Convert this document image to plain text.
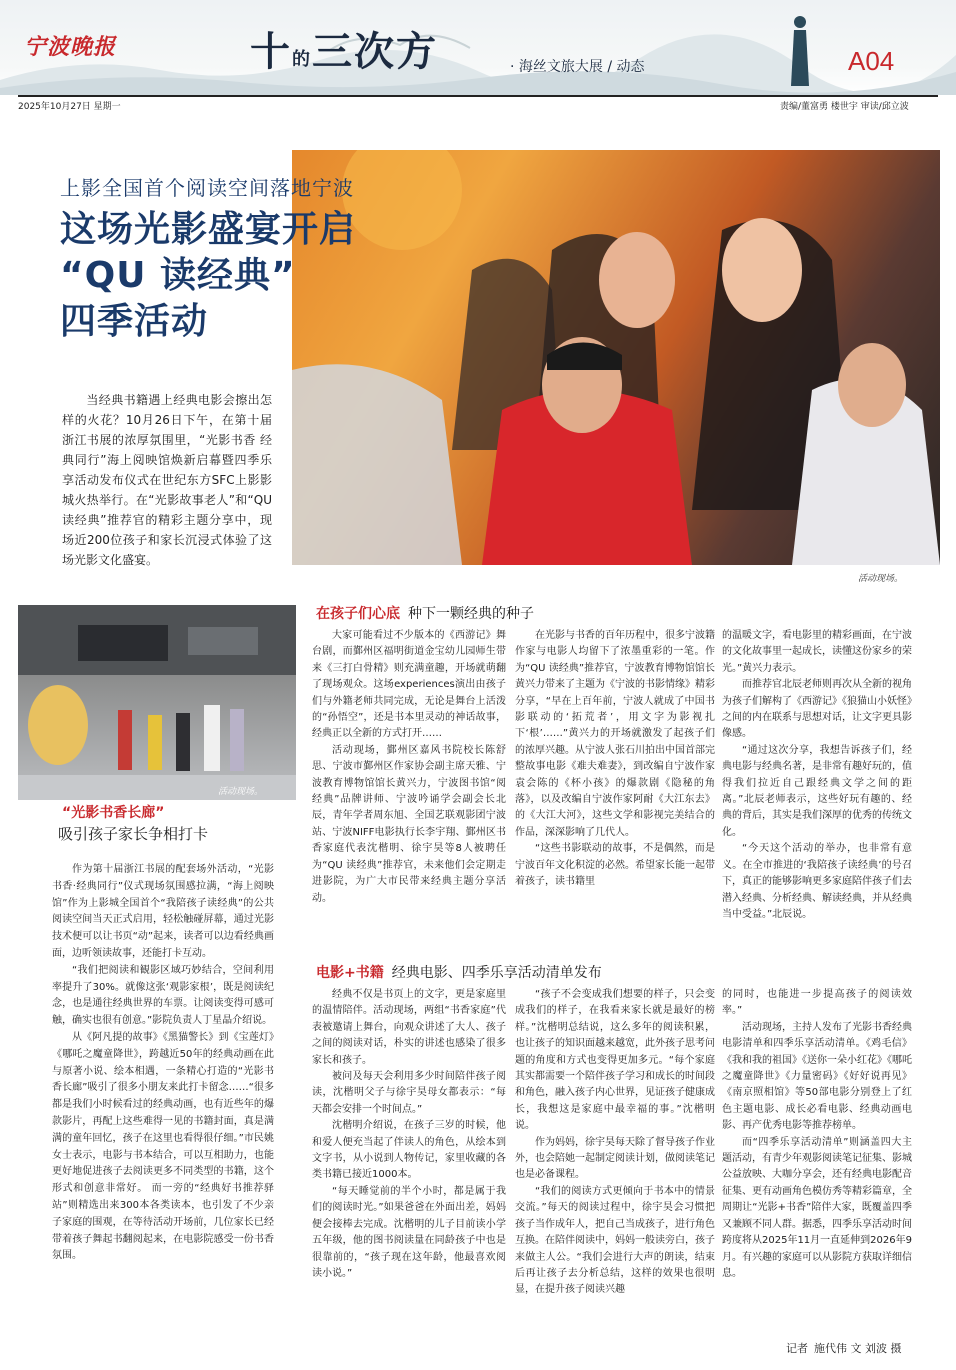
宁波晚报	十的三次方	· 海丝文旅大展 / 动态	A04
2025年10月27日 星期一	责编/董富勇 楼世宇 审读/邱立波
活动现场。
上影全国首个阅读空间落地宁波
这场光影盛宴开启
“QU 读经典”
四季活动
当经典书籍遇上经典电影会擦出怎样的火花？10月26日下午，在第十届浙江书展的浓厚氛围里，“光影书香 经典同行”海上阅映馆焕新启幕暨四季乐享活动发布仪式在世纪东方SFC上影影城火热举行。在“光影故事老人”和“QU 读经典”推荐官的精彩主题分享中，现场近200位孩子和家长沉浸式体验了这场光影文化盛宴。
活动现场。
“光影书香长廊”
吸引孩子家长争相打卡

作为第十届浙江书展的配套场外活动，“光影书香·经典同行”仪式现场氛围感拉满，“海上阅映馆”作为上影城全国首个“我陪孩子读经典”的公共阅读空间当天正式启用，轻松触碰屏幕，通过光影技术便可以让书页“动”起来，读者可以边看经典画面，边听领读故事，还能打卡互动。

“我们把阅读和観影区域巧妙结合，空间利用率提升了30%。就像这张‘观影家根’，既是阅读纪念，也是通往经典世界的车票。让阅读变得可感可触，确实也很有创意。”影院负责人丁星晶介绍说。

从《阿凡提的故事》《黑猫警长》到《宝莲灯》《哪吒之魔童降世》，跨越近50年的经典动画在此与原著小说、绘本相遇，一条精心打造的“光影书香长廊”吸引了很多小朋友来此打卡留念……“很多都是我们小时候看过的经典动画，也有近些年的爆款影片，再配上这些难得一见的书籍封面，真是满满的童年回忆，孩子在这里也看得很仔细。”市民姚女士表示，电影与书本结合，可以互相助力，也能更好地促进孩子去阅读更多不同类型的书籍，这个形式和创意非常好。 而一旁的“经典好书推荐驿站”则精选出来300本各类读本，也引发了不少亲子家庭的围观，在等待活动开场前，几位家长已经带着孩子舞起书翻阅起来，在电影院感受一份书香氛围。

在孩子们心底 种下一颗经典的种子

大家可能看过不少版本的《西游记》舞台剧，而鄞州区福明街道金宝幼儿园师生带来《三打白骨精》则充满童趣，开场就萌翻了现场观众。这场experiences演出由孩子们与外籍老师共同完成，无论是舞台上活泼的“孙悟空”，还是书本里灵动的神话故事，经典正以全新的方式打开……

活动现场，鄞州区嘉风书院校长陈舒思、宁波市鄞州区作家协会副主席天雅、宁波教育博物馆馆长黄兴力，宁波图书馆“阅经典”品牌讲师、宁波吟诵学会副会长北辰，青年学者周东旭、全国艺联观影团宁波站、宁波NIFF电影执行长李宇翔、鄞州区书香家庭代表沈楷明、徐宇昊等8人被聘任为“QU 读经典”推荐官，未来他们会定期走进影院，为广大市民带来经典主题分享活动。

在光影与书香的百年历程中，很多宁波籍作家与电影人均留下了浓墨重彩的一笔。作为“QU 读经典”推荐官，宁波教育博物馆馆长黄兴力带来了主题为《宁波的书影情缘》精彩分享，“早在上百年前，宁波人就成了中国书影联动的‘拓荒者’，用文字为影视扎下‘根’……”黄兴力的开场就激发了起孩子们的浓厚兴趣。从宁波人张石川拍出中国首部完整故事电影《难夫难妻》，到改编自宁波作家袁会陈的《杯小孩》的爆款剧《隐秘的角落》，以及改编自宁波作家阿耐《大江东去》的《大江大河》，这些文学和影视完美结合的作品，深深影响了几代人。

“这些书影联动的故事，不是偶然，而是宁波百年文化积淀的必然。希望家长能一起带着孩子，读书籍里

的温暖文字，看电影里的精彩画面，在宁波的文化故事里一起成长，读懂这份家乡的荣光。”黄兴力表示。

而推荐官北辰老师则再次从全新的视角为孩子们解构了《西游记》《狼猫山小妖怪》之间的内在联系与思想对话，让文字更具影像感。

“通过这次分享，我想告诉孩子们，经典电影与经典名著，是非常有趣好玩的，值得我们拉近自己跟经典文学之间的距离。”北辰老师表示，这些好玩有趣的、经典的背后，其实是我们深厚的优秀的传统文化。

“今天这个活动的举办，也非常有意义。在全市推进的‘我陪孩子读经典’的号召下，真正的能够影响更多家庭陪伴孩子们去潜入经典、分析经典、解读经典，并从经典当中受益。”北辰说。

电影+书籍 经典电影、四季乐享活动清单发布

经典不仅是书页上的文字，更是家庭里的温情陪伴。活动现场，两组“书香家庭”代表被邀请上舞台，向观众讲述了大人、孩子之间的阅读对话，朴实的讲述也感染了很多家长和孩子。

被问及每天会利用多少时间陪伴孩子阅读，沈楷明父子与徐宇昊母女都表示：“每天都会安排一个时间点。”

沈楷明介绍说，在孩子三岁的时候，他和爱人便充当起了伴读人的角色，从绘本到文字书，从小说到人物传记，家里收藏的各类书籍已接近1000本。

“每天睡觉前的半个小时，都是属于我们的阅读时光。”如果爸爸在外面出差，妈妈便会接棒去完成。沈楷明的儿子目前读小学五年级，他的图书阅读量在同龄孩子中也是很靠前的，“孩子现在这年龄，他最喜欢阅读小说。”

“孩子不会变成我们想要的样子，只会变成我们的样子，在我看来家长就是最好的榜样。”沈楷明总结说，这么多年的阅读积累，也让孩子的知识面越来越宽，此外孩子思考问题的角度和方式也变得更加多元。“每个家庭其实都需要一个陪伴孩子学习和成长的时间段和角色，融入孩子内心世界，见证孩子健康成长，我想这是家庭中最幸福的事。”沈楷明说。

作为妈妈，徐宇昊每天除了督导孩子作业外，也会陪她一起制定阅读计划，做阅读笔记也是必备课程。

“我们的阅读方式更倾向于书本中的情景交流。”每天的阅读过程中，徐宇昊会习惯把孩子当作成年人，把自己当成孩子，进行角色互换。在陪伴阅读中，妈妈一般读旁白，孩子来做主人公。“我们会进行大声的朗读，结束后再让孩子去分析总结，这样的效果也很明显，在提升孩子阅读兴趣

的同时，也能进一步提高孩子的阅读效率。”

活动现场，主持人发布了光影书香经典电影清单和四季乐享活动清单。《鸡毛信》《我和我的祖国》《送你一朵小红花》《哪吒之魔童降世》《力量密码》《好好说再见》《南京照相馆》等50部电影分别登上了红色主题电影、成长必看电影、经典动画电影、再产优秀电影等推荐榜单。

而“四季乐享活动清单”则涵盖四大主题活动，有青少年观影阅读笔记征集、影城公益放映、大咖分享会，还有经典电影配音征集、更有动画角色模仿秀等精彩篇章，全周期让“光影+书香”陪伴大家，既覆盖四季又兼顾不同人群。据悉，四季乐享活动时间跨度将从2025年11月一直延伸到2026年9月。有兴趣的家庭可以从影院方获取详细信息。

记者 施代伟 文 刘波 摄
